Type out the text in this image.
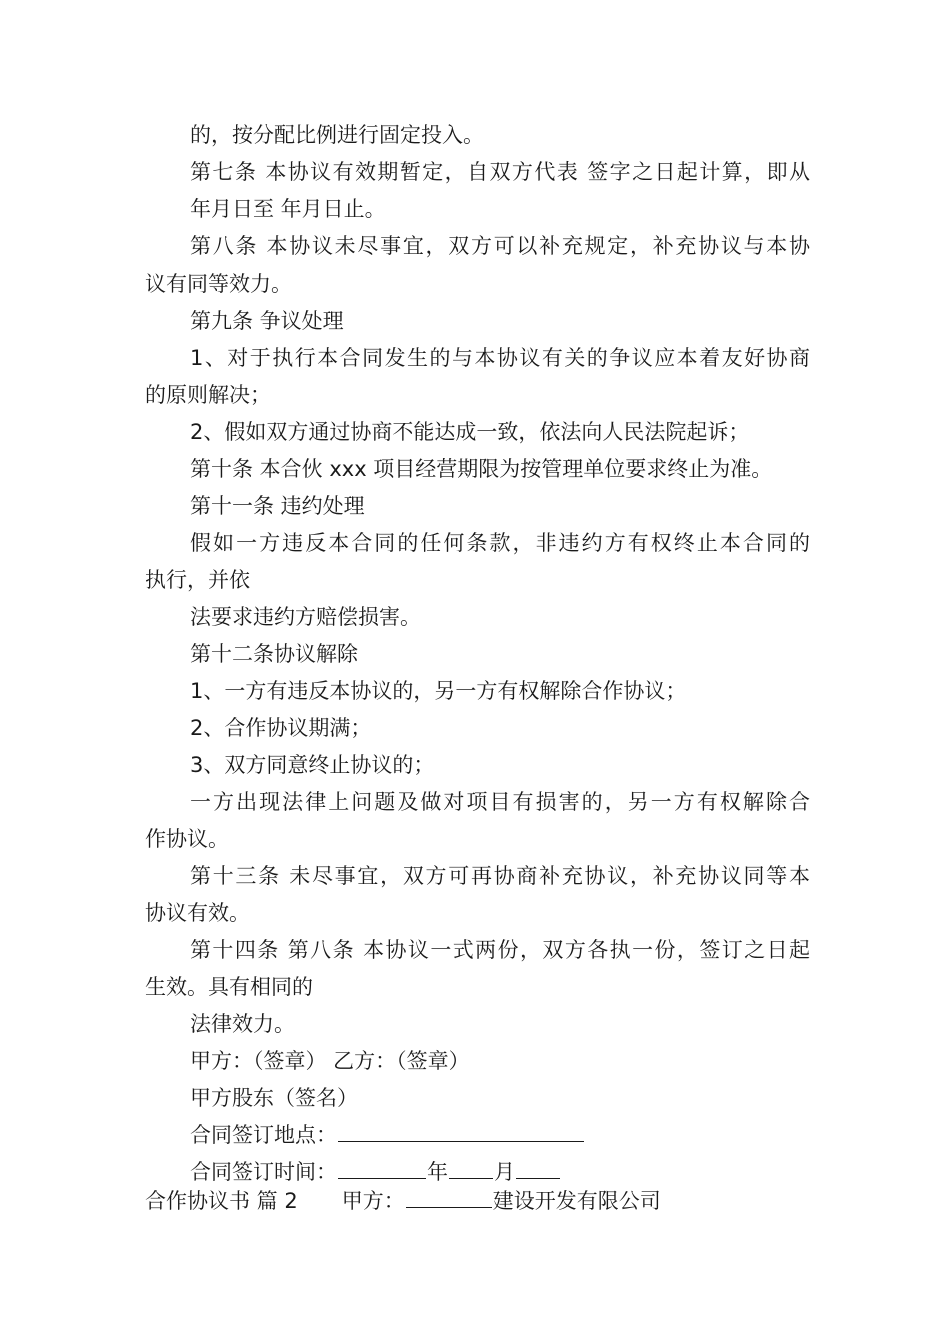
的，按分配比例进行固定投入。
第七条 本协议有效期暂定，自双方代表 签字之日起计算，即从
年月日至 年月日止。
第八条 本协议未尽事宜，双方可以补充规定，补充协议与本协
议有同等效力。
第九条 争议处理
1、对于执行本合同发生的与本协议有关的争议应本着友好协商
的原则解决；
2、假如双方通过协商不能达成一致，依法向人民法院起诉；
第十条 本合伙 xxx 项目经营期限为按管理单位要求终止为准。
第十一条 违约处理
假如一方违反本合同的任何条款，非违约方有权终止本合同的
执行，并依
法要求违约方赔偿损害。
第十二条协议解除
1、一方有违反本协议的，另一方有权解除合作协议；
2、合作协议期满；
3、双方同意终止协议的；
一方出现法律上问题及做对项目有损害的，另一方有权解除合
作协议。
第十三条 未尽事宜，双方可再协商补充协议，补充协议同等本
协议有效。
第十四条 第八条 本协议一式两份，双方各执一份，签订之日起
生效。具有相同的
法律效力。
甲方：（签章） 乙方：（签章）
甲方股东（签名）
合同签订地点：
合同签订时间：	年 月
合作协议书 篇 2 甲方：	建设开发有限公司
